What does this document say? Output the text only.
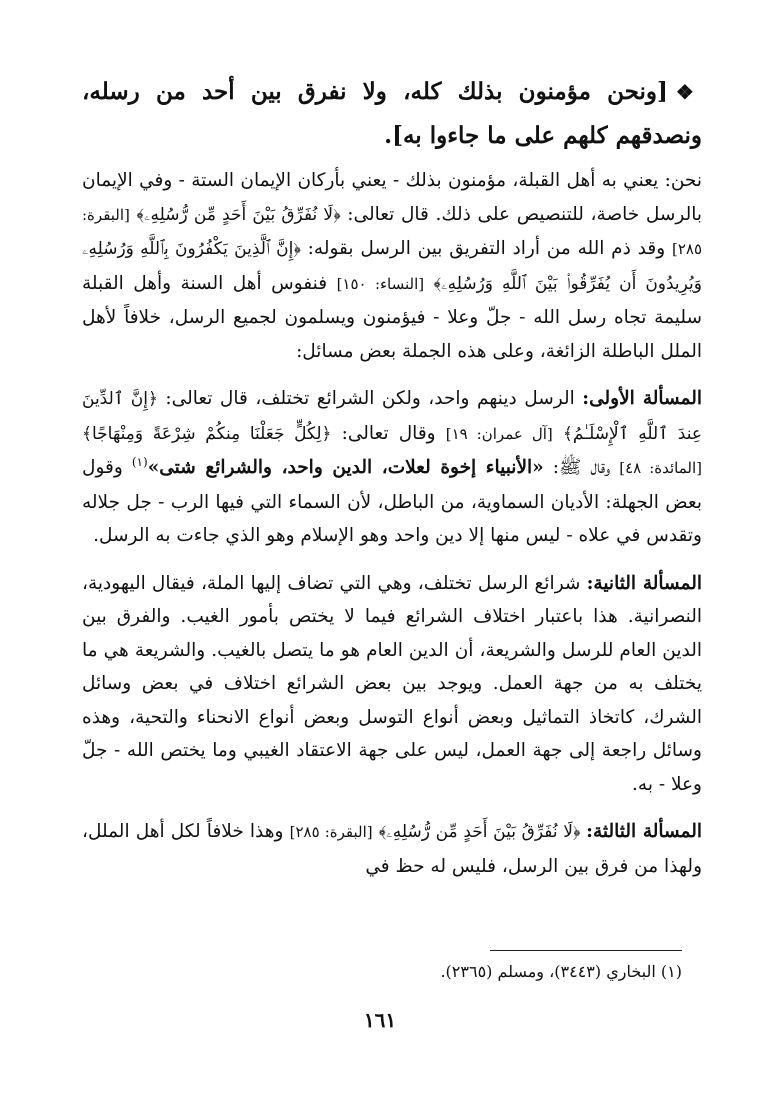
❖[ونحن مؤمنون بذلك كله، ولا نفرق بين أحد من رسله، ونصدقهم كلهم على ما جاءوا به].

نحن: يعني به أهل القبلة، مؤمنون بذلك - يعني بأركان الإيمان الستة - وفي الإيمان بالرسل خاصة، للتنصيص على ذلك. قال تعالى: ﴿لَا نُفَرِّقُ بَيْنَ أَحَدٍ مِّن رُّسُلِهِۦ﴾ [البقرة: ٢٨٥] وقد ذم الله من أراد التفريق بين الرسل بقوله: ﴿إِنَّ ٱلَّذِينَ يَكْفُرُونَ بِٱللَّهِ وَرُسُلِهِۦ وَيُرِيدُونَ أَن يُفَرِّقُوا۟ بَيْنَ ٱللَّهِ وَرُسُلِهِۦ﴾ [النساء: ١٥٠] فنفوس أهل السنة وأهل القبلة سليمة تجاه رسل الله - جلّ وعلا - فيؤمنون ويسلمون لجميع الرسل، خلافاً لأهل الملل الباطلة الزائغة، وعلى هذه الجملة بعض مسائل:

المسألة الأولى: الرسل دينهم واحد، ولكن الشرائع تختلف، قال تعالى: ﴿إِنَّ ٱلدِّينَ عِندَ ٱللَّهِ ٱلْإِسْلَـٰمُ﴾ [آل عمران: ١٩] وقال تعالى: ﴿لِكُلٍّ جَعَلْنَا مِنكُمْ شِرْعَةً وَمِنْهَاجًا﴾ [المائدة: ٤٨] وقال ﷺ: «الأنبياء إخوة لعلات، الدين واحد، والشرائع شتى»$^{(١)}$ وقول بعض الجهلة: الأديان السماوية، من الباطل، لأن السماء التي فيها الرب - جل جلاله وتقدس في علاه - ليس منها إلا دين واحد وهو الإسلام وهو الذي جاءت به الرسل.

المسألة الثانية: شرائع الرسل تختلف، وهي التي تضاف إليها الملة، فيقال اليهودية، النصرانية. هذا باعتبار اختلاف الشرائع فيما لا يختص بأمور الغيب. والفرق بين الدين العام للرسل والشريعة، أن الدين العام هو ما يتصل بالغيب. والشريعة هي ما يختلف به من جهة العمل. ويوجد بين بعض الشرائع اختلاف في بعض وسائل الشرك، كاتخاذ التماثيل وبعض أنواع التوسل وبعض أنواع الانحناء والتحية، وهذه وسائل راجعة إلى جهة العمل، ليس على جهة الاعتقاد الغيبي وما يختص الله - جلّ وعلا - به.

المسألة الثالثة: ﴿لَا نُفَرِّقُ بَيْنَ أَحَدٍ مِّن رُّسُلِهِۦ﴾ [البقرة: ٢٨٥] وهذا خلافاً لكل أهل الملل، ولهذا من فرق بين الرسل، فليس له حظ في

(١) البخاري (٣٤٤٣)، ومسلم (٢٣٦٥).
١٦١
